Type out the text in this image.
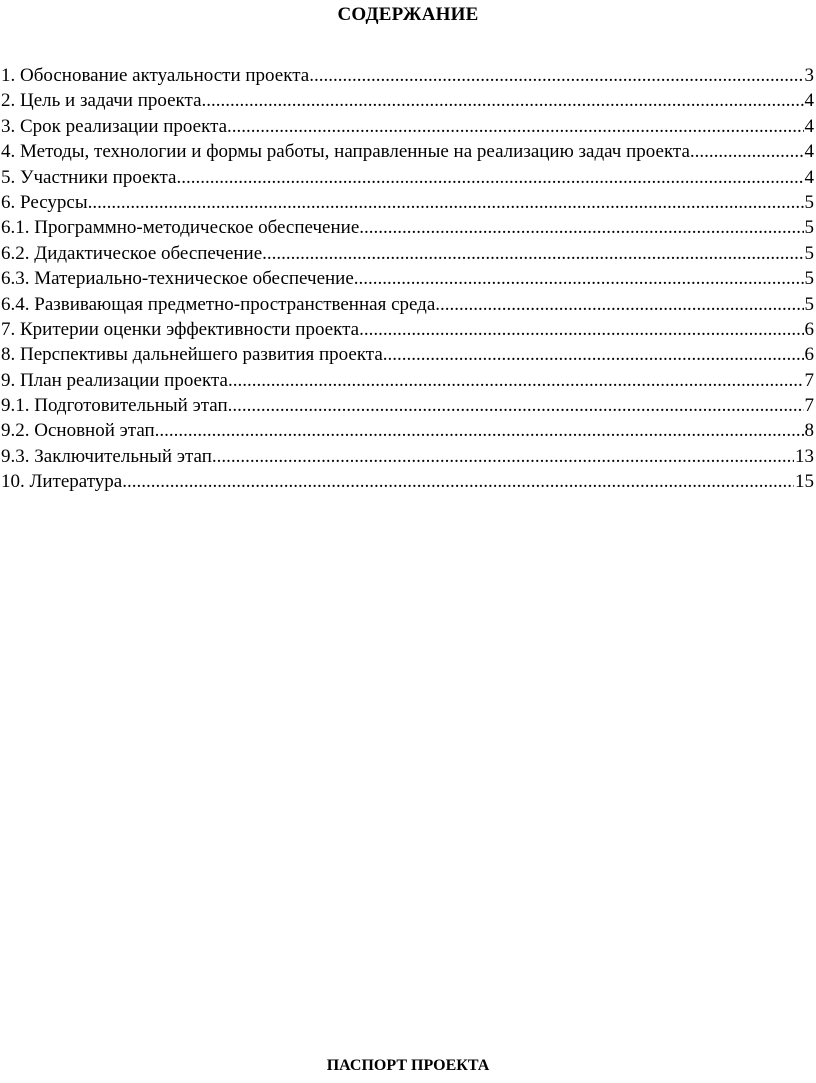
СОДЕРЖАНИЕ
1. Обоснование актуальности проекта .....	3
2. Цель и задачи проекта .....	4
3. Срок реализации проекта .....	4
4. Методы, технологии и формы работы, направленные на реализацию задач проекта .....	4
5. Участники проекта .....	4
6. Ресурсы .....	5
6.1. Программно-методическое обеспечение .....	5
6.2. Дидактическое обеспечение .....	5
6.3. Материально-техническое обеспечение .....	5
6.4. Развивающая предметно-пространственная среда .....	5
7. Критерии оценки эффективности проекта .....	6
8. Перспективы дальнейшего развития проекта .....	6
9. План реализации проекта .....	7
9.1. Подготовительный этап .....	7
9.2. Основной этап .....	8
9.3. Заключительный этап .....	13
10. Литература .....	15
ПАСПОРТ ПРОЕКТА
